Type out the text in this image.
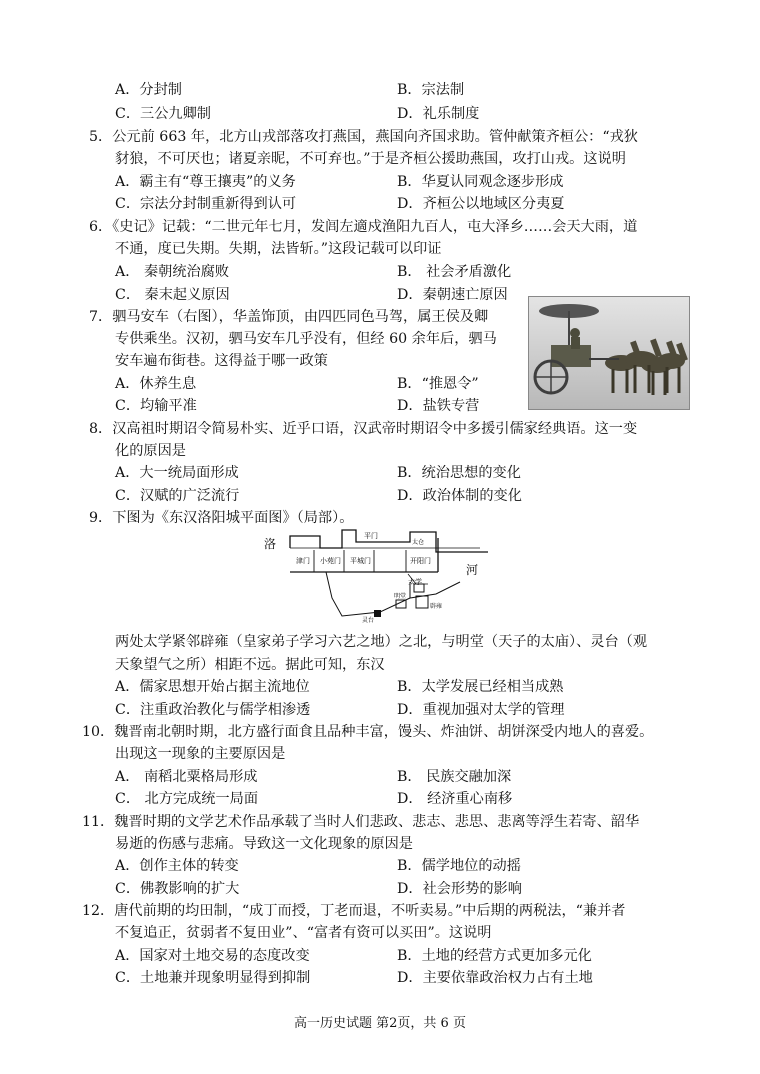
A．分封制	B．宗法制
C．三公九卿制	D．礼乐制度
5．公元前 663 年，北方山戎部落攻打燕国，燕国向齐国求助。管仲献策齐桓公：“戎狄
豺狼，不可厌也；诸夏亲昵，不可弃也。”于是齐桓公援助燕国，攻打山戎。这说明
A．霸主有“尊王攘夷”的义务	B．华夏认同观念逐步形成
C．宗法分封制重新得到认可	D．齐桓公以地域区分夷夏
6．《史记》记载：“二世元年七月，发闾左適戍渔阳九百人，屯大泽乡……会天大雨，道
不通，度已失期。失期，法皆斩。”这段记载可以印证
A． 秦朝统治腐败	B． 社会矛盾激化
C． 秦末起义原因	D．秦朝速亡原因
7．驷马安车（右图），华盖饰顶，由四匹同色马驾，属王侯及卿
专供乘坐。汉初，驷马安车几乎没有，但经 60 余年后，驷马
安车遍布街巷。这得益于哪一政策
A．休养生息	B．“推恩令”
C．均输平准	D．盐铁专营
8．汉高祖时期诏令简易朴实、近乎口语，汉武帝时期诏令中多援引儒家经典语。这一变
化的原因是
A．大一统局面形成	B．统治思想的变化
C．汉赋的广泛流行	D．政治体制的变化
9．下图为《东汉洛阳城平面图》（局部）。
洛
河
平门
太仓
津门 小苑门 平城门	开阳门
太学
明堂
灵台
辟雍
两处太学紧邻辟雍（皇家弟子学习六艺之地）之北，与明堂（天子的太庙）、灵台（观
天象望气之所）相距不远。据此可知，东汉
A．儒家思想开始占据主流地位	B．太学发展已经相当成熟
C．注重政治教化与儒学相渗透	D．重视加强对太学的管理
10．魏晋南北朝时期，北方盛行面食且品种丰富，馒头、炸油饼、胡饼深受内地人的喜爱。
出现这一现象的主要原因是
A． 南稻北粟格局形成	B． 民族交融加深
C． 北方完成统一局面	D． 经济重心南移
11．魏晋时期的文学艺术作品承载了当时人们悲政、悲志、悲思、悲离等浮生若寄、韶华
易逝的伤感与悲痛。导致这一文化现象的原因是
A．创作主体的转变	B．儒学地位的动摇
C．佛教影响的扩大	D．社会形势的影响
12．唐代前期的均田制，“成丁而授，丁老而退，不听卖易。”中后期的两税法，“兼并者
不复追正，贫弱者不复田业”、“富者有资可以买田”。这说明
A．国家对土地交易的态度改变	B．土地的经营方式更加多元化
C．土地兼并现象明显得到抑制	D．主要依靠政治权力占有土地
高一历史试题 第2页，共 6 页
